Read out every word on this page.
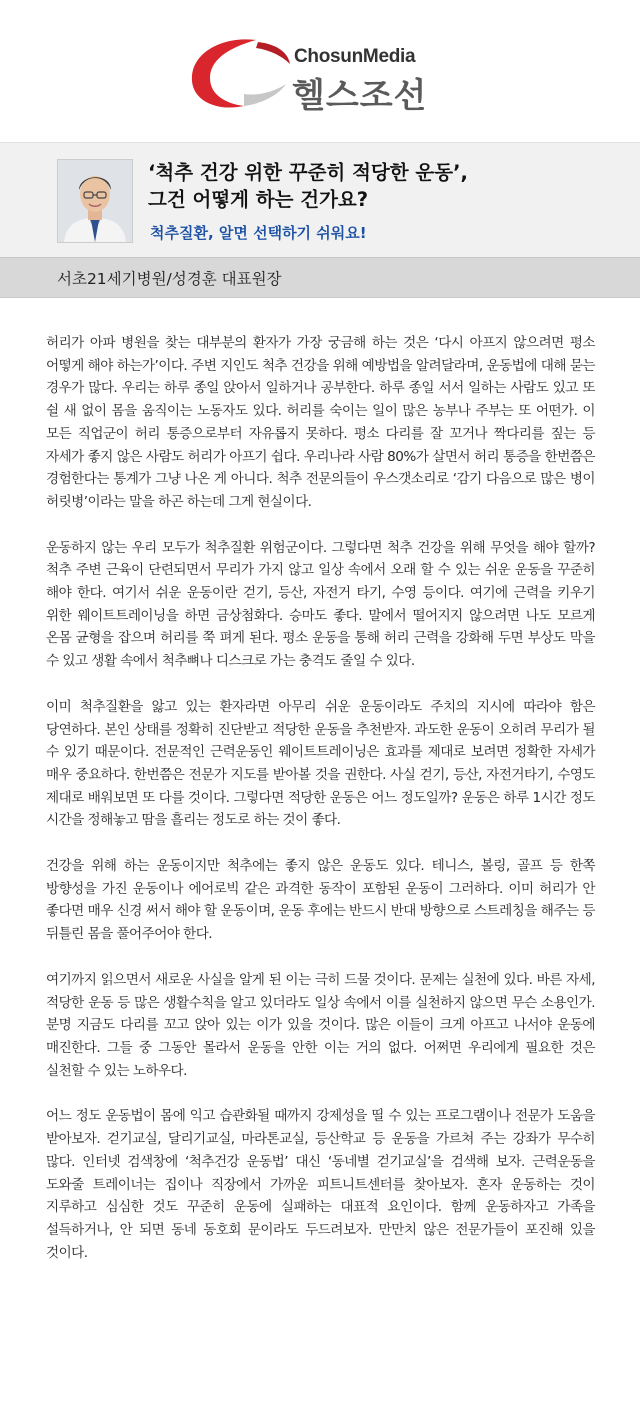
ChosunMedia
헬스조선
‘척추 건강 위한 꾸준히 적당한 운동’,
그건 어떻게 하는 건가요?
척추질환, 알면 선택하기 쉬워요!
서초21세기병원/성경훈 대표원장

허리가 아파 병원을 찾는 대부분의 환자가 가장 궁금해 하는 것은 ‘다시 아프지 않으려면 평소 어떻게 해야 하는가’이다. 주변 지인도 척추 건강을 위해 예방법을 알려달라며, 운동법에 대해 묻는 경우가 많다. 우리는 하루 종일 앉아서 일하거나 공부한다. 하루 종일 서서 일하는 사람도 있고 또 쉴 새 없이 몸을 움직이는 노동자도 있다. 허리를 숙이는 일이 많은 농부나 주부는 또 어떤가. 이 모든 직업군이 허리 통증으로부터 자유롭지 못하다. 평소 다리를 잘 꼬거나 짝다리를 짚는 등 자세가 좋지 않은 사람도 허리가 아프기 쉽다. 우리나라 사람 80%가 살면서 허리 통증을 한번쯤은 경험한다는 통계가 그냥 나온 게 아니다. 척추 전문의들이 우스갯소리로 ‘감기 다음으로 많은 병이 허릿병’이라는 말을 하곤 하는데 그게 현실이다.

운동하지 않는 우리 모두가 척추질환 위험군이다. 그렇다면 척추 건강을 위해 무엇을 해야 할까? 척추 주변 근육이 단련되면서 무리가 가지 않고 일상 속에서 오래 할 수 있는 쉬운 운동을 꾸준히 해야 한다. 여기서 쉬운 운동이란 걷기, 등산, 자전거 타기, 수영 등이다. 여기에 근력을 키우기 위한 웨이트트레이닝을 하면 금상첨화다. 승마도 좋다. 말에서 떨어지지 않으려면 나도 모르게 온몸 균형을 잡으며 허리를 쭉 펴게 된다. 평소 운동을 통해 허리 근력을 강화해 두면 부상도 막을 수 있고 생활 속에서 척추뼈나 디스크로 가는 충격도 줄일 수 있다.

이미 척추질환을 앓고 있는 환자라면 아무리 쉬운 운동이라도 주치의 지시에 따라야 함은 당연하다. 본인 상태를 정확히 진단받고 적당한 운동을 추천받자. 과도한 운동이 오히려 무리가 될 수 있기 때문이다. 전문적인 근력운동인 웨이트트레이닝은 효과를 제대로 보려면 정확한 자세가 매우 중요하다. 한번쯤은 전문가 지도를 받아볼 것을 권한다. 사실 걷기, 등산, 자전거타기, 수영도 제대로 배워보면 또 다를 것이다. 그렇다면 적당한 운동은 어느 정도일까? 운동은 하루 1시간 정도 시간을 정해놓고 땀을 흘리는 정도로 하는 것이 좋다.

건강을 위해 하는 운동이지만 척추에는 좋지 않은 운동도 있다. 테니스, 볼링, 골프 등 한쪽 방향성을 가진 운동이나 에어로빅 같은 과격한 동작이 포함된 운동이 그러하다. 이미 허리가 안 좋다면 매우 신경 써서 해야 할 운동이며, 운동 후에는 반드시 반대 방향으로 스트레칭을 해주는 등 뒤틀린 몸을 풀어주어야 한다.

여기까지 읽으면서 새로운 사실을 알게 된 이는 극히 드물 것이다. 문제는 실천에 있다. 바른 자세, 적당한 운동 등 많은 생활수칙을 알고 있더라도 일상 속에서 이를 실천하지 않으면 무슨 소용인가. 분명 지금도 다리를 꼬고 앉아 있는 이가 있을 것이다. 많은 이들이 크게 아프고 나서야 운동에 매진한다. 그들 중 그동안 몰라서 운동을 안한 이는 거의 없다. 어쩌면 우리에게 필요한 것은 실천할 수 있는 노하우다.

어느 정도 운동법이 몸에 익고 습관화될 때까지 강제성을 띨 수 있는 프로그램이나 전문가 도움을 받아보자. 걷기교실, 달리기교실, 마라톤교실, 등산학교 등 운동을 가르쳐 주는 강좌가 무수히 많다. 인터넷 검색창에 ‘척추건강 운동법’ 대신 ‘동네별 걷기교실’을 검색해 보자. 근력운동을 도와줄 트레이너는 집이나 직장에서 가까운 피트니트센터를 찾아보자. 혼자 운동하는 것이 지루하고 심심한 것도 꾸준히 운동에 실패하는 대표적 요인이다. 함께 운동하자고 가족을 설득하거나, 안 되면 동네 동호회 문이라도 두드려보자. 만만치 않은 전문가들이 포진해 있을 것이다.
